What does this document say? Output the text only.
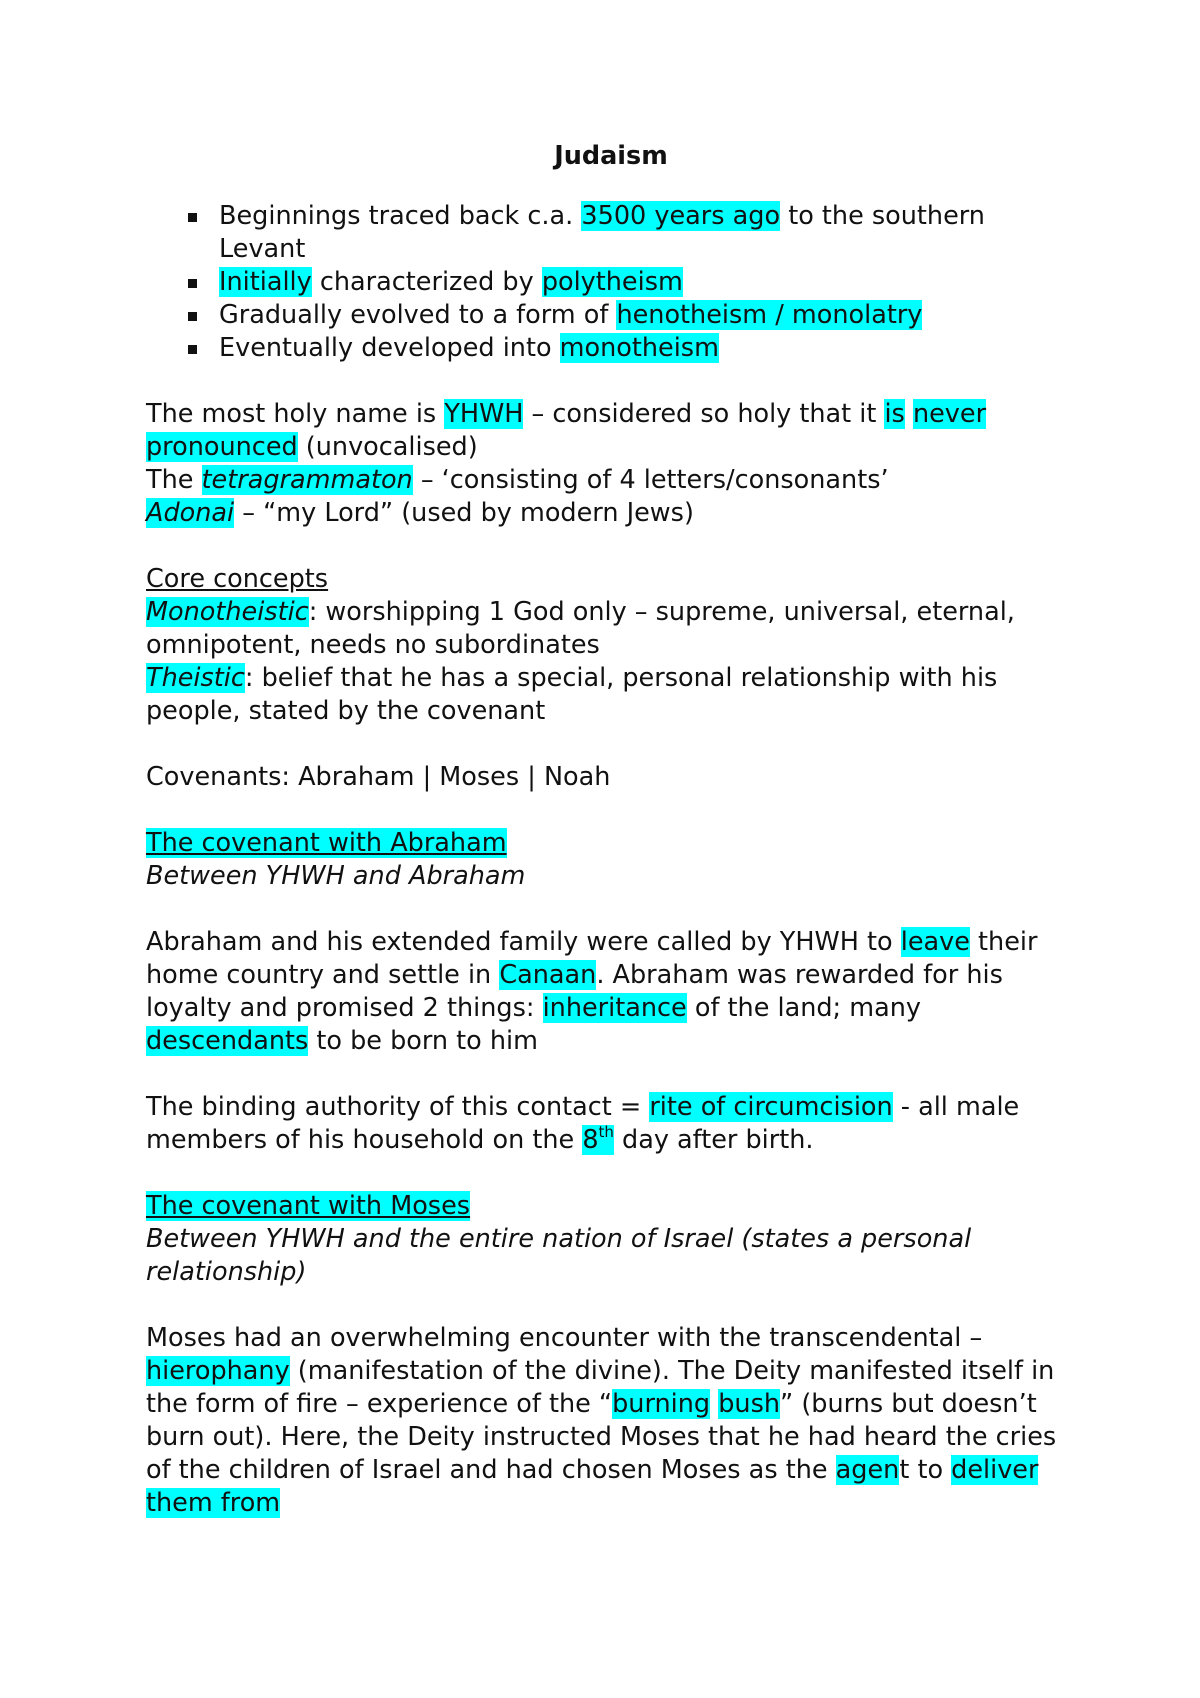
Judaism

Beginnings traced back c.a. 3500 years ago to the southern Levant
Initially characterized by polytheism
Gradually evolved to a form of henotheism / monolatry
Eventually developed into monotheism

The most holy name is YHWH – considered so holy that it is never pronounced (unvocalised)

The tetragrammaton – ‘consisting of 4 letters/consonants’

Adonai – “my Lord” (used by modern Jews)

Core concepts

Monotheistic: worshipping 1 God only – supreme, universal, eternal, omnipotent, needs no subordinates

Theistic: belief that he has a special, personal relationship with his people, stated by the covenant

Covenants: Abraham | Moses | Noah

The covenant with Abraham

Between YHWH and Abraham

Abraham and his extended family were called by YHWH to leave their home country and settle in Canaan. Abraham was rewarded for his loyalty and promised 2 things: inheritance of the land; many descendants to be born to him

The binding authority of this contact = rite of circumcision - all male members of his household on the 8th day after birth.

The covenant with Moses

Between YHWH and the entire nation of Israel (states a personal relationship)

Moses had an overwhelming encounter with the transcendental – hierophany (manifestation of the divine). The Deity manifested itself in the form of fire – experience of the “burning bush” (burns but doesn’t burn out). Here, the Deity instructed Moses that he had heard the cries of the children of Israel and had chosen Moses as the agent to deliver them from
